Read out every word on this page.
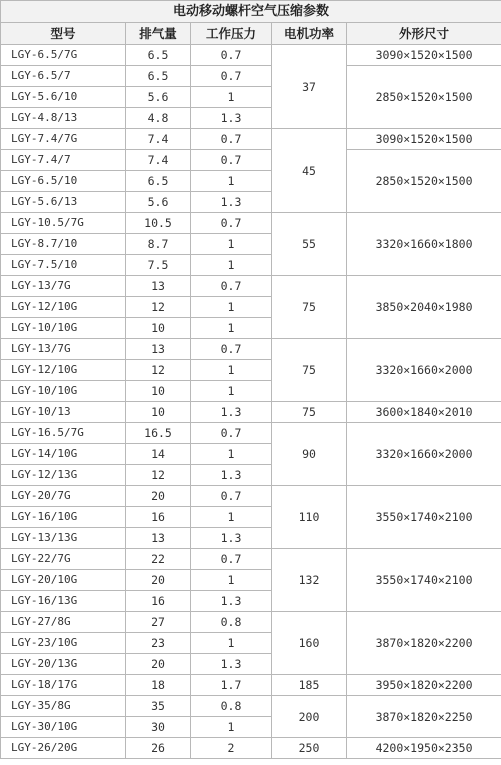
电动移动螺杆空气压缩参数				
型号	排气量	工作压力	电机功率	外形尺寸
LGY-6.5/7G	6.5	0.7	37	3090×1520×1500
LGY-6.5/7	6.5	0.7		2850×1520×1500
LGY-5.6/10	5.6	1		
LGY-4.8/13	4.8	1.3		
LGY-7.4/7G	7.4	0.7	45	3090×1520×1500
LGY-7.4/7	7.4	0.7		2850×1520×1500
LGY-6.5/10	6.5	1		
LGY-5.6/13	5.6	1.3		
LGY-10.5/7G	10.5	0.7	55	3320×1660×1800
LGY-8.7/10	8.7	1		
LGY-7.5/10	7.5	1		
LGY-13/7G	13	0.7	75	3850×2040×1980
LGY-12/10G	12	1		
LGY-10/10G	10	1		
LGY-13/7G	13	0.7	75	3320×1660×2000
LGY-12/10G	12	1		
LGY-10/10G	10	1		
LGY-10/13	10	1.3	75	3600×1840×2010
LGY-16.5/7G	16.5	0.7	90	3320×1660×2000
LGY-14/10G	14	1		
LGY-12/13G	12	1.3		
LGY-20/7G	20	0.7	110	3550×1740×2100
LGY-16/10G	16	1		
LGY-13/13G	13	1.3		
LGY-22/7G	22	0.7	132	3550×1740×2100
LGY-20/10G	20	1		
LGY-16/13G	16	1.3		
LGY-27/8G	27	0.8	160	3870×1820×2200
LGY-23/10G	23	1		
LGY-20/13G	20	1.3		
LGY-18/17G	18	1.7	185	3950×1820×2200
LGY-35/8G	35	0.8	200	3870×1820×2250
LGY-30/10G	30	1		
LGY-26/20G	26	2	250	4200×1950×2350
